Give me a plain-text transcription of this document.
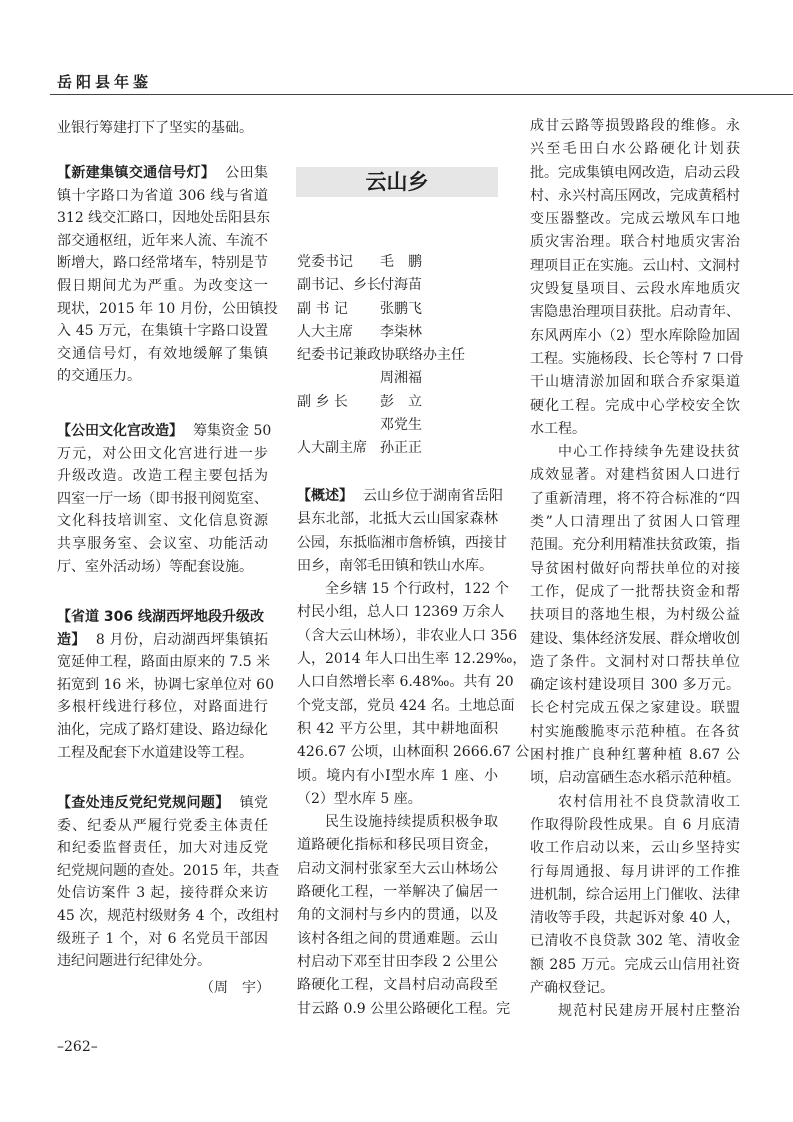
岳阳县年鉴
业银行筹建打下了坚实的基础。
【新建集镇交通信号灯】 公田集
镇十字路口为省道 306 线与省道
312 线交汇路口，因地处岳阳县东
部交通枢纽，近年来人流、车流不
断增大，路口经常堵车，特别是节
假日期间尤为严重。为改变这一
现状，2015 年 10 月份，公田镇投
入 45 万元，在集镇十字路口设置
交通信号灯，有效地缓解了集镇
的交通压力。
【公田文化宫改造】 筹集资金 50
万元，对公田文化宫进行进一步
升级改造。改造工程主要包括为
四室一厅一场（即书报刊阅览室、
文化科技培训室、文化信息资源
共享服务室、会议室、功能活动
厅、室外活动场）等配套设施。
【省道 306 线湖西坪地段升级改
造】 8 月份，启动湖西坪集镇拓
宽延伸工程，路面由原来的 7.5 米
拓宽到 16 米，协调七家单位对 60
多根杆线进行移位，对路面进行
油化，完成了路灯建设、路边绿化
工程及配套下水道建设等工程。
【查处违反党纪党规问题】 镇党
委、纪委从严履行党委主体责任
和纪委监督责任，加大对违反党
纪党规问题的查处。2015 年，共查
处信访案件 3 起，接待群众来访
45 次，规范村级财务 4 个，改组村
级班子 1 个，对 6 名党员干部因
违纪问题进行纪律处分。
（周　宇）
–262–
云山乡
党委书记 毛　鹏
副书记、乡长 付海苗
副 书 记 张鹏飞
人大主席 李柒林
纪委书记兼政协联络办主任
周湘福
副 乡 长 彭　立
邓党生
人大副主席 孙正正
【概述】 云山乡位于湖南省岳阳
县东北部，北抵大云山国家森林
公园，东抵临湘市詹桥镇，西接甘
田乡，南邻毛田镇和铁山水库。
全乡辖 15 个行政村，122 个
村民小组，总人口 12369 万余人
（含大云山林场），非农业人口 356
人，2014 年人口出生率 12.29‰，
人口自然增长率 6.48‰。共有 20
个党支部，党员 424 名。土地总面
积 42 平方公里，其中耕地面积
426.67 公顷，山林面积 2666.67 公
顷。境内有小Ⅰ型水库 1 座、小
（2）型水库 5 座。
民生设施持续提质积极争取
道路硬化指标和移民项目资金，
启动文洞村张家至大云山林场公
路硬化工程，一举解决了偏居一
角的文洞村与乡内的贯通，以及
该村各组之间的贯通难题。云山
村启动下邓至甘田李段 2 公里公
路硬化工程，文昌村启动高段至
甘云路 0.9 公里公路硬化工程。完
成甘云路等损毁路段的维修。永
兴至毛田白水公路硬化计划获
批。完成集镇电网改造，启动云段
村、永兴村高压网改，完成黄稻村
变压器整改。完成云墩风车口地
质灾害治理。联合村地质灾害治
理项目正在实施。云山村、文洞村
灾毁复垦项目、云段水库地质灾
害隐患治理项目获批。启动青年、
东风两库小（2）型水库除险加固
工程。实施杨段、长仑等村 7 口骨
干山塘清淤加固和联合乔家渠道
硬化工程。完成中心学校安全饮
水工程。
中心工作持续争先建设扶贫
成效显著。对建档贫困人口进行
了重新清理，将不符合标准的“四
类”人口清理出了贫困人口管理
范围。充分利用精准扶贫政策，指
导贫困村做好向帮扶单位的对接
工作，促成了一批帮扶资金和帮
扶项目的落地生根，为村级公益
建设、集体经济发展、群众增收创
造了条件。文洞村对口帮扶单位
确定该村建设项目 300 多万元。
长仑村完成五保之家建设。联盟
村实施酸脆枣示范种植。在各贫
困村推广良种红薯种植 8.67 公
顷，启动富硒生态水稻示范种植。
农村信用社不良贷款清收工
作取得阶段性成果。自 6 月底清
收工作启动以来，云山乡坚持实
行每周通报、每月讲评的工作推
进机制，综合运用上门催收、法律
清收等手段，共起诉对象 40 人，
已清收不良贷款 302 笔、清收金
额 285 万元。完成云山信用社资
产确权登记。
规范村民建房开展村庄整治
